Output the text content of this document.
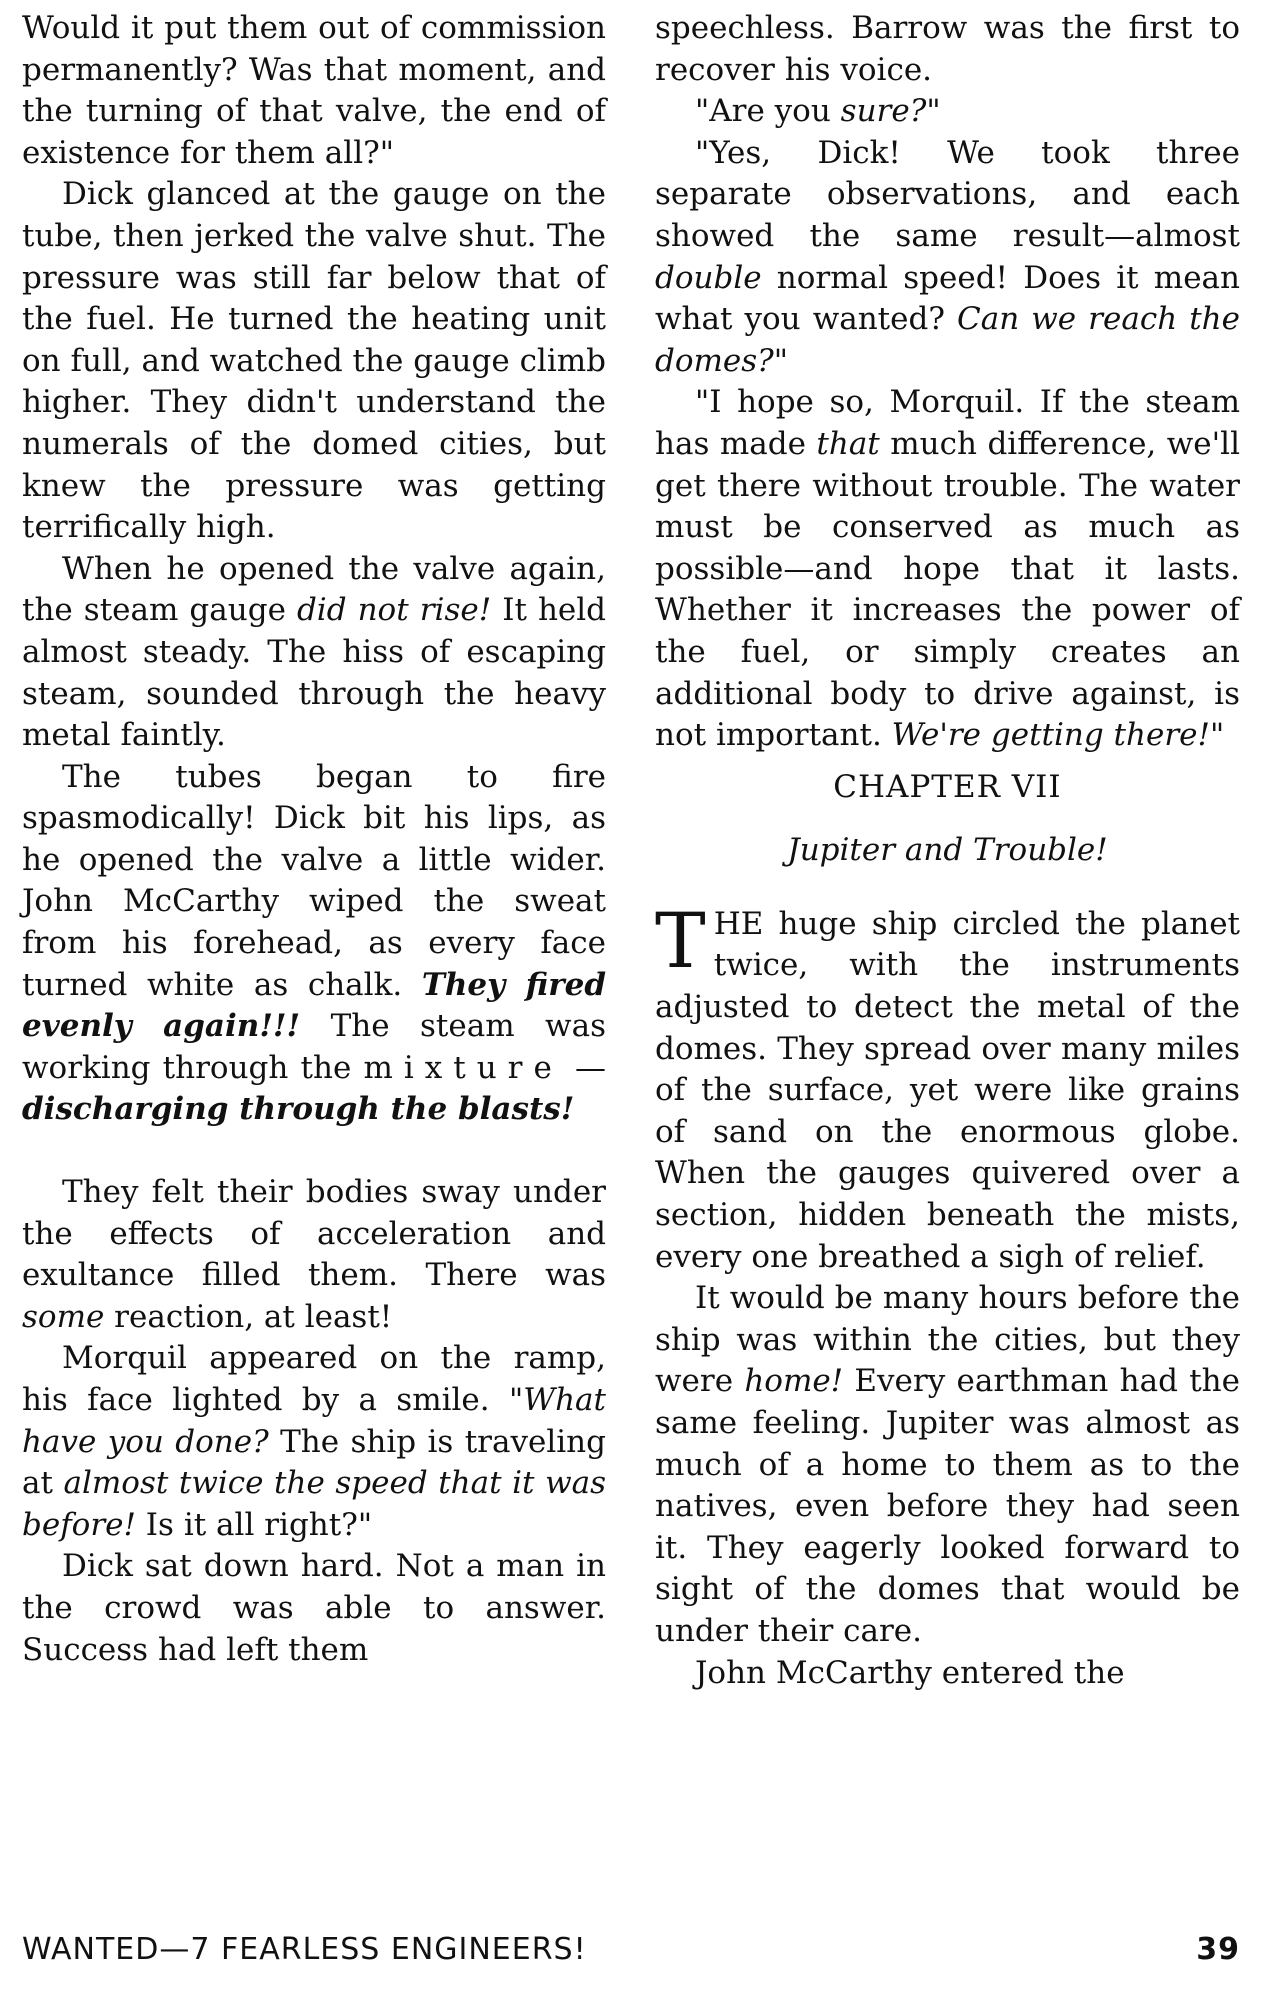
Would it put them out of commission permanently? Was that moment, and the turning of that valve, the end of existence for them all?"

Dick glanced at the gauge on the tube, then jerked the valve shut. The pressure was still far below that of the fuel. He turned the heating unit on full, and watched the gauge climb higher. They didn't understand the numerals of the domed cities, but knew the pressure was getting terrifically high.

When he opened the valve again, the steam gauge did not rise! It held almost steady. The hiss of escaping steam, sounded through the heavy metal faintly.

The tubes began to fire spasmodically! Dick bit his lips, as he opened the valve a little wider. John McCarthy wiped the sweat from his forehead, as every face turned white as chalk. They fired evenly again!!! The steam was working through the mixture — discharging through the blasts!

They felt their bodies sway under the effects of acceleration and exultance filled them. There was some reaction, at least!

Morquil appeared on the ramp, his face lighted by a smile. "What have you done? The ship is traveling at almost twice the speed that it was before! Is it all right?"

Dick sat down hard. Not a man in the crowd was able to answer. Success had left them

speechless. Barrow was the first to recover his voice.

"Are you sure?"

"Yes, Dick! We took three separate observations, and each showed the same result—almost double normal speed! Does it mean what you wanted? Can we reach the domes?"

"I hope so, Morquil. If the steam has made that much difference, we'll get there without trouble. The water must be conserved as much as possible—and hope that it lasts. Whether it increases the power of the fuel, or simply creates an additional body to drive against, is not important. We're getting there!"

CHAPTER VII
Jupiter and Trouble!

THE huge ship circled the planet twice, with the instruments adjusted to detect the metal of the domes. They spread over many miles of the surface, yet were like grains of sand on the enormous globe. When the gauges quivered over a section, hidden beneath the mists, every one breathed a sigh of relief.

It would be many hours before the ship was within the cities, but they were home! Every earthman had the same feeling. Jupiter was almost as much of a home to them as to the natives, even before they had seen it. They eagerly looked forward to sight of the domes that would be under their care.

John McCarthy entered the

WANTED—7 FEARLESS ENGINEERS!	39
